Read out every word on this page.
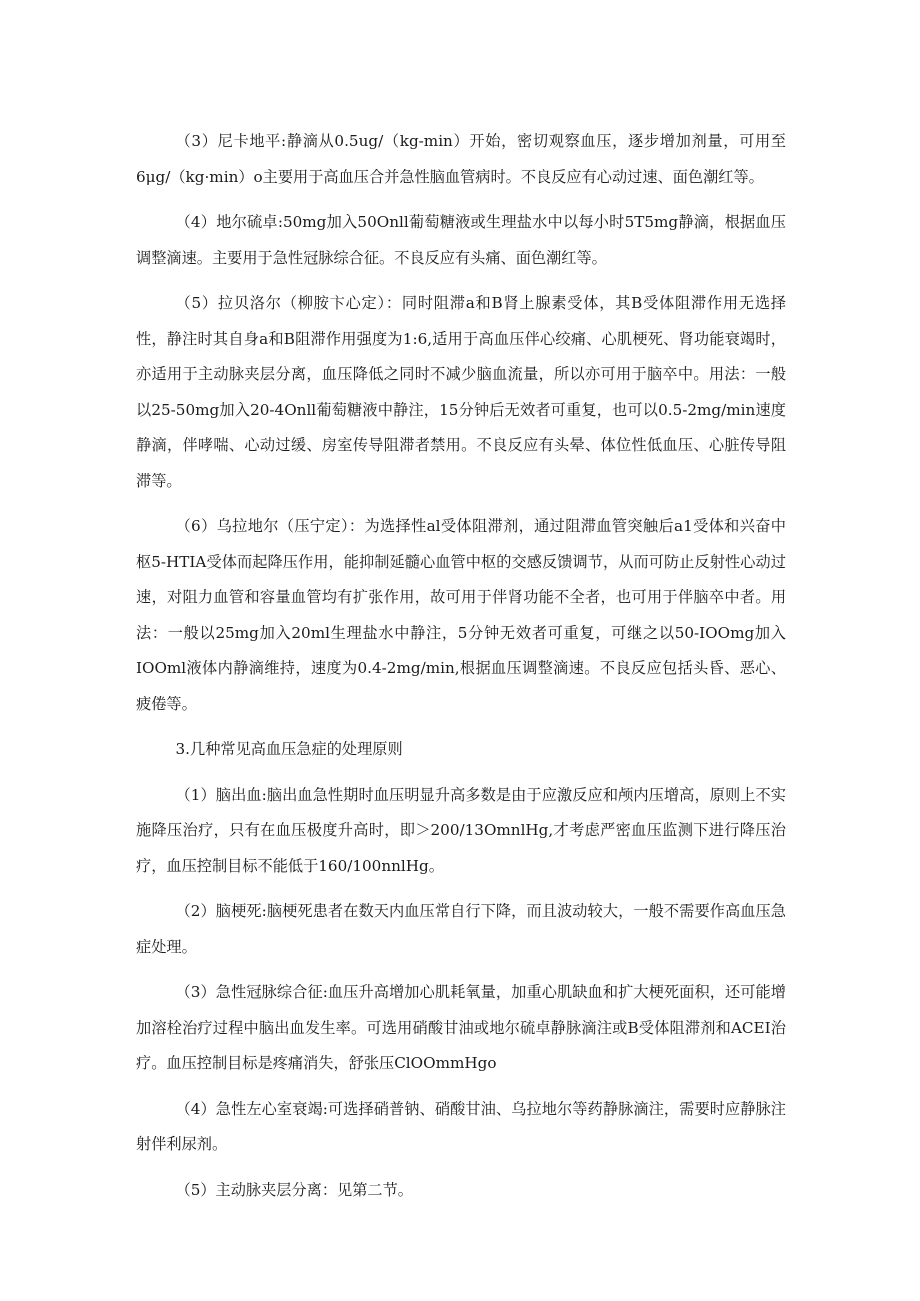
（3）尼卡地平:静滴从0.5ug/（kg-min）开始，密切观察血压，逐步增加剂量，可用至6μg/（kg·min）o主要用于高血压合并急性脑血管病时。不良反应有心动过速、面色潮红等。

（4）地尔硫卓:50mg加入50Onll葡萄糖液或生理盐水中以每小时5T5mg静滴，根据血压调整滴速。主要用于急性冠脉综合征。不良反应有头痛、面色潮红等。

（5）拉贝洛尔（柳胺卞心定）：同时阻滞a和B肾上腺素受体，其B受体阻滞作用无选择性，静注时其自身a和B阻滞作用强度为1:6,适用于高血压伴心绞痛、心肌梗死、肾功能衰竭时，亦适用于主动脉夹层分离，血压降低之同时不减少脑血流量，所以亦可用于脑卒中。用法：一般以25-50mg加入20-4Onll葡萄糖液中静注，15分钟后无效者可重复，也可以0.5-2mg∕min速度静滴，伴哮喘、心动过缓、房室传导阻滞者禁用。不良反应有头晕、体位性低血压、心脏传导阻滞等。

（6）乌拉地尔（压宁定）：为选择性al受体阻滞剂，通过阻滞血管突触后a1受体和兴奋中枢5-HTIA受体而起降压作用，能抑制延髓心血管中枢的交感反馈调节，从而可防止反射性心动过速，对阻力血管和容量血管均有扩张作用，故可用于伴肾功能不全者，也可用于伴脑卒中者。用法：一般以25mg加入20ml生理盐水中静注，5分钟无效者可重复，可继之以50-IOOmg加入IOOml液体内静滴维持，速度为0.4-2mg∕min,根据血压调整滴速。不良反应包括头昏、恶心、疲倦等。

3.几种常见高血压急症的处理原则

（1）脑出血:脑出血急性期时血压明显升高多数是由于应激反应和颅内压增高，原则上不实施降压治疗，只有在血压极度升高时，即＞200/13OmnlHg,才考虑严密血压监测下进行降压治疗，血压控制目标不能低于160/100nnlHg。

（2）脑梗死:脑梗死患者在数天内血压常自行下降，而且波动较大，一般不需要作高血压急症处理。

（3）急性冠脉综合征:血压升高增加心肌耗氧量，加重心肌缺血和扩大梗死面积，还可能增加溶栓治疗过程中脑出血发生率。可选用硝酸甘油或地尔硫卓静脉滴注或B受体阻滞剂和ACEI治疗。血压控制目标是疼痛消失，舒张压ClOOmmHgo

（4）急性左心室衰竭:可选择硝普钠、硝酸甘油、乌拉地尔等药静脉滴注，需要时应静脉注射伴利尿剂。

（5）主动脉夹层分离：见第二节。
